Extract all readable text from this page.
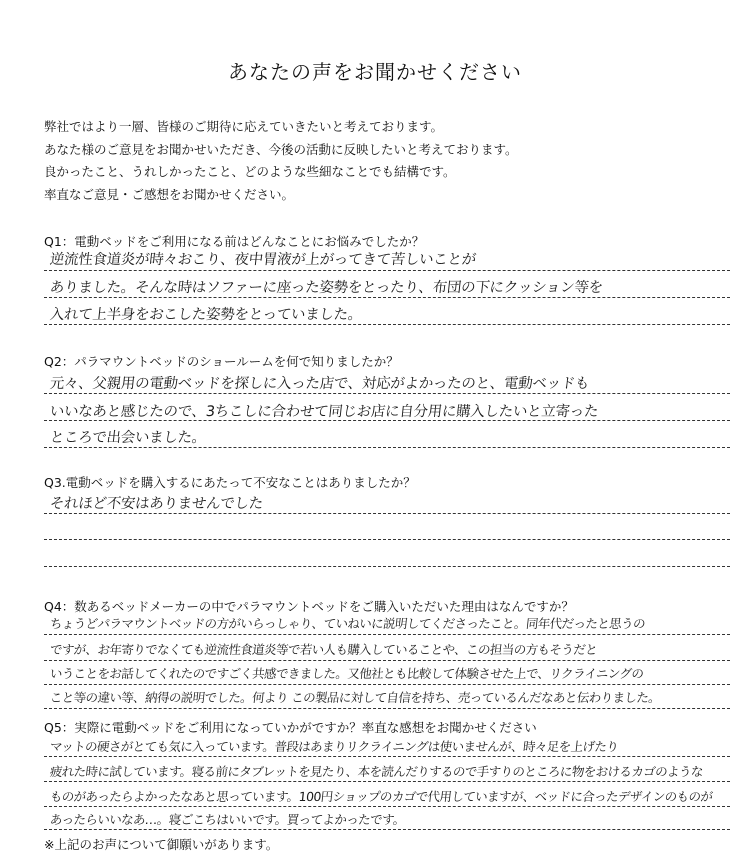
あなたの声をお聞かせください
弊社ではより一層、皆様のご期待に応えていきたいと考えております。
あなた様のご意見をお聞かせいただき、今後の活動に反映したいと考えております。
良かったこと、うれしかったこと、どのような些細なことでも結構です。
率直なご意見・ご感想をお聞かせください。
Q1：電動ベッドをご利用になる前はどんなことにお悩みでしたか？
逆流性食道炎が時々おこり、夜中胃液が上がってきて苦しいことが
ありました。そんな時はソファーに座った姿勢をとったり、布団の下にクッション等を
入れて上半身をおこした姿勢をとっていました。
Q2：パラマウントベッドのショールームを何で知りましたか？
元々、父親用の電動ベッドを探しに入った店で、対応がよかったのと、電動ベッドも
いいなあと感じたので、3ちこしに合わせて同じお店に自分用に購入したいと立寄った
ところで出会いました。
Q3.電動ベッドを購入するにあたって不安なことはありましたか？
それほど不安はありませんでした
Q4：数あるベッドメーカーの中でパラマウントベッドをご購入いただいた理由はなんですか？
ちょうどパラマウントベッドの方がいらっしゃり、ていねいに説明してくださったこと。同年代だったと思うの
ですが、お年寄りでなくても逆流性食道炎等で若い人も購入していることや、この担当の方もそうだと
いうことをお話してくれたのですごく共感できました。又他社とも比較して体験させた上で、リクライニングの
こと等の違い等、納得の説明でした。何より この製品に対して自信を持ち、売っているんだなあと伝わりました。
Q5：実際に電動ベッドをご利用になっていかがですか？率直な感想をお聞かせください
マットの硬さがとても気に入っています。普段はあまりリクライニングは使いませんが、時々足を上げたり
疲れた時に試しています。寝る前にタブレットを見たり、本を読んだりするので手すりのところに物をおけるカゴのような
ものがあったらよかったなあと思っています。100円ショップのカゴで代用していますが、ベッドに合ったデザインのものが
あったらいいなあ…。寝ごこちはいいです。買ってよかったです。
※上記のお声について御願いがあります。
